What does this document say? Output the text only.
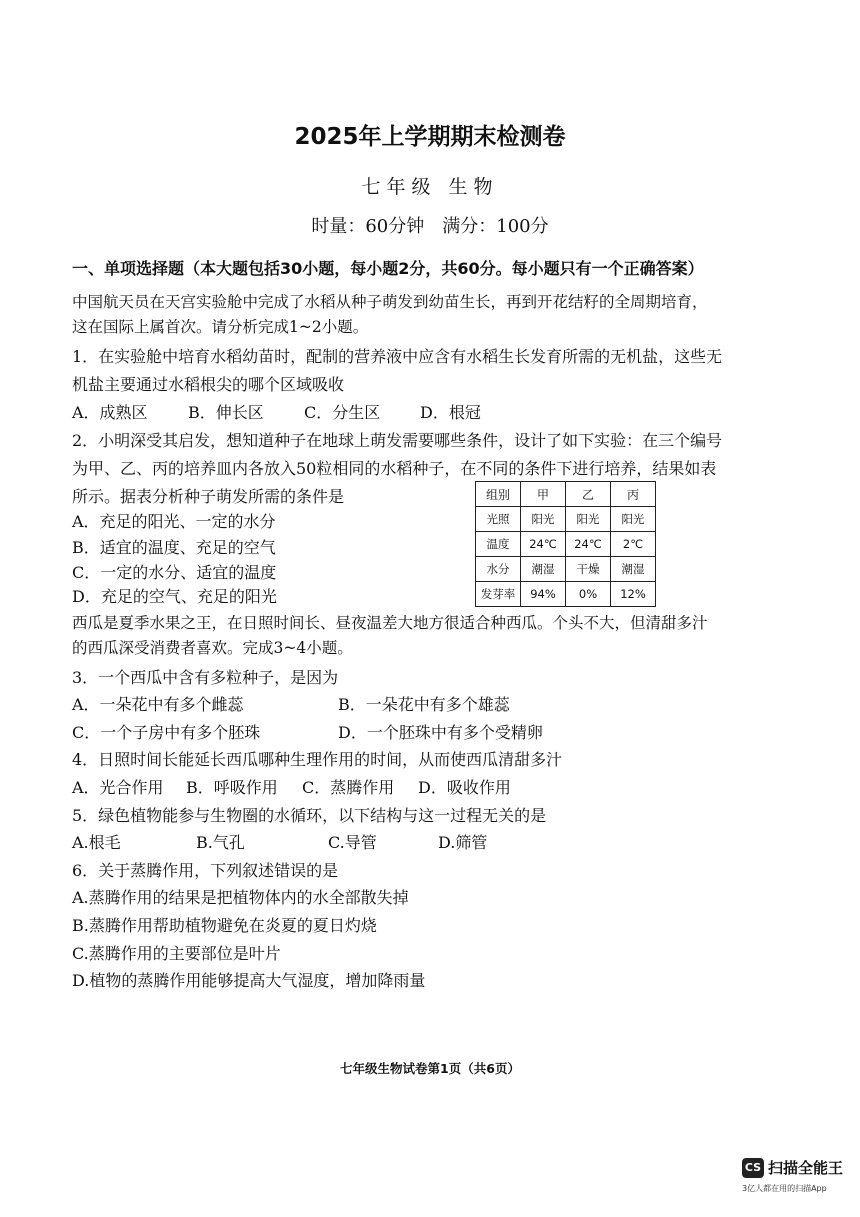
2025年上学期期末检测卷
七年级 生物
时量：60分钟　满分：100分
一、单项选择题（本大题包括30小题，每小题2分，共60分。每小题只有一个正确答案）
中国航天员在天宫实验舱中完成了水稻从种子萌发到幼苗生长，再到开花结籽的全周期培育，
这在国际上属首次。请分析完成1~2小题。
1．在实验舱中培育水稻幼苗时，配制的营养液中应含有水稻生长发育所需的无机盐，这些无
机盐主要通过水稻根尖的哪个区域吸收
A．成熟区	B．伸长区	C．分生区 D．根冠
2．小明深受其启发，想知道种子在地球上萌发需要哪些条件，设计了如下实验：在三个编号
为甲、乙、丙的培养皿内各放入50粒相同的水稻种子，在不同的条件下进行培养，结果如表
所示。据表分析种子萌发所需的条件是
A．充足的阳光、一定的水分
B．适宜的温度、充足的空气
C．一定的水分、适宜的温度
D．充足的空气、充足的阳光
组别	甲	乙	丙
光照	阳光	阳光	阳光
温度	24℃	24℃	2℃
水分	潮湿	干燥	潮湿
发芽率	94%	0%	12%
西瓜是夏季水果之王，在日照时间长、昼夜温差大地方很适合种西瓜。个头不大，但清甜多汁
的西瓜深受消费者喜欢。完成3~4小题。
3．一个西瓜中含有多粒种子，是因为
A．一朵花中有多个雌蕊	B．一朵花中有多个雄蕊
C．一个子房中有多个胚珠	D．一个胚珠中有多个受精卵
4．日照时间长能延长西瓜哪种生理作用的时间，从而使西瓜清甜多汁
A．光合作用 B．呼吸作用 C．蒸腾作用 D．吸收作用
5．绿色植物能参与生物圈的水循环，以下结构与这一过程无关的是
A.根毛	B.气孔	C.导管	D.筛管
6．关于蒸腾作用，下列叙述错误的是
A.蒸腾作用的结果是把植物体内的水全部散失掉
B.蒸腾作用帮助植物避免在炎夏的夏日灼烧
C.蒸腾作用的主要部位是叶片
D.植物的蒸腾作用能够提高大气湿度，增加降雨量
七年级生物试卷第1页（共6页）
CS 扫描全能王
3亿人都在用的扫描App
